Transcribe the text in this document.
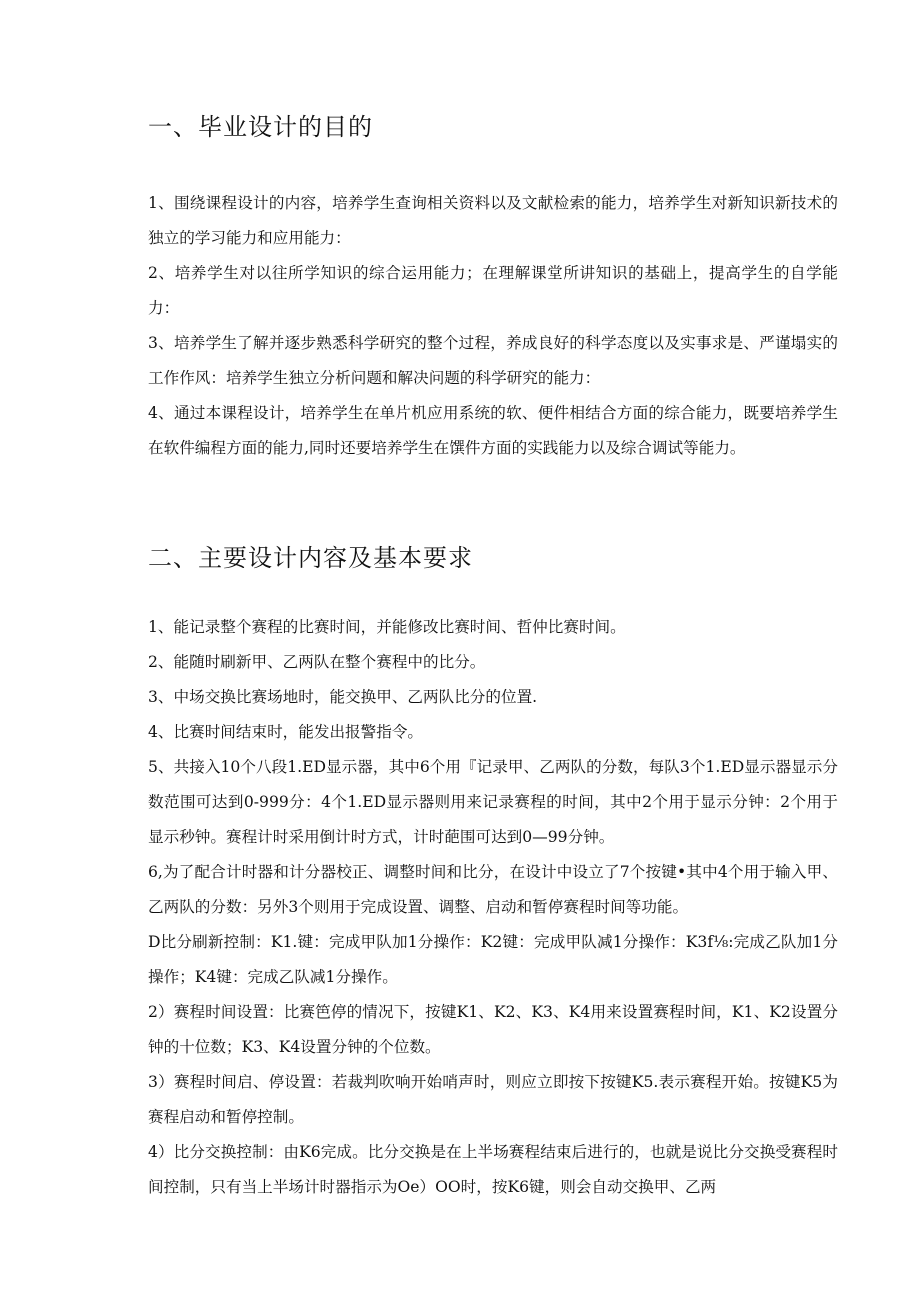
一、毕业设计的目的

1、围绕课程设计的内容，培养学生查询相关资料以及文献检索的能力，培养学生对新知识新技术的独立的学习能力和应用能力：

2、培养学生对以往所学知识的综合运用能力；在理解课堂所讲知识的基础上，提高学生的自学能力：

3、培养学生了解并逐步熟悉科学研究的整个过程，养成良好的科学态度以及实事求是、严谨塌实的工作作风：培养学生独立分析问题和解决问题的科学研究的能力：

4、通过本课程设计，培养学生在单片机应用系统的软、便件相结合方面的综合能力，既要培养学生在软件编程方面的能力,同时还要培养学生在馔件方面的实践能力以及综合调试等能力。

二、主要设计内容及基本要求

1、能记录整个赛程的比赛时间，并能修改比赛时间、哲仲比赛时间。

2、能随时刷新甲、乙两队在整个赛程中的比分。

3、中场交换比赛场地时，能交换甲、乙两队比分的位置.

4、比赛时间结束时，能发出报警指令。

5、共接入10个八段1.ED显示器，其中6个用『记录甲、乙两队的分数，每队3个1.ED显示器显示分数范围可达到0-999分：4个1.ED显示器则用来记录赛程的时间，其中2个用于显示分钟：2个用于显示秒钟。赛程计时采用倒计时方式，计时葩围可达到0—99分钟。

6,为了配合计时器和计分器校正、调整时间和比分，在设计中设立了7个按键•其中4个用于输入甲、乙两队的分数：另外3个则用于完成设置、调整、启动和暂停赛程时间等功能。

D比分刷新控制：K1.键：完成甲队加1分操作：K2键：完成甲队减1分操作：K3f⅛:完成乙队加1分操作；K4键：完成乙队减1分操作。

2）赛程时间设置：比赛笆停的情况下，按键K1、K2、K3、K4用来设置赛程时间，K1、K2设置分钟的十位数；K3、K4设置分钟的个位数。

3）赛程时间启、停设置：若裁判吹响开始哨声时，则应立即按下按键K5.表示赛程开始。按键K5为赛程启动和暂停控制。

4）比分交换控制：由K6完成。比分交换是在上半场赛程结束后进行的，也就是说比分交换受赛程时间控制，只有当上半场计时器指示为Oe）OO时，按K6键，则会自动交换甲、乙两
